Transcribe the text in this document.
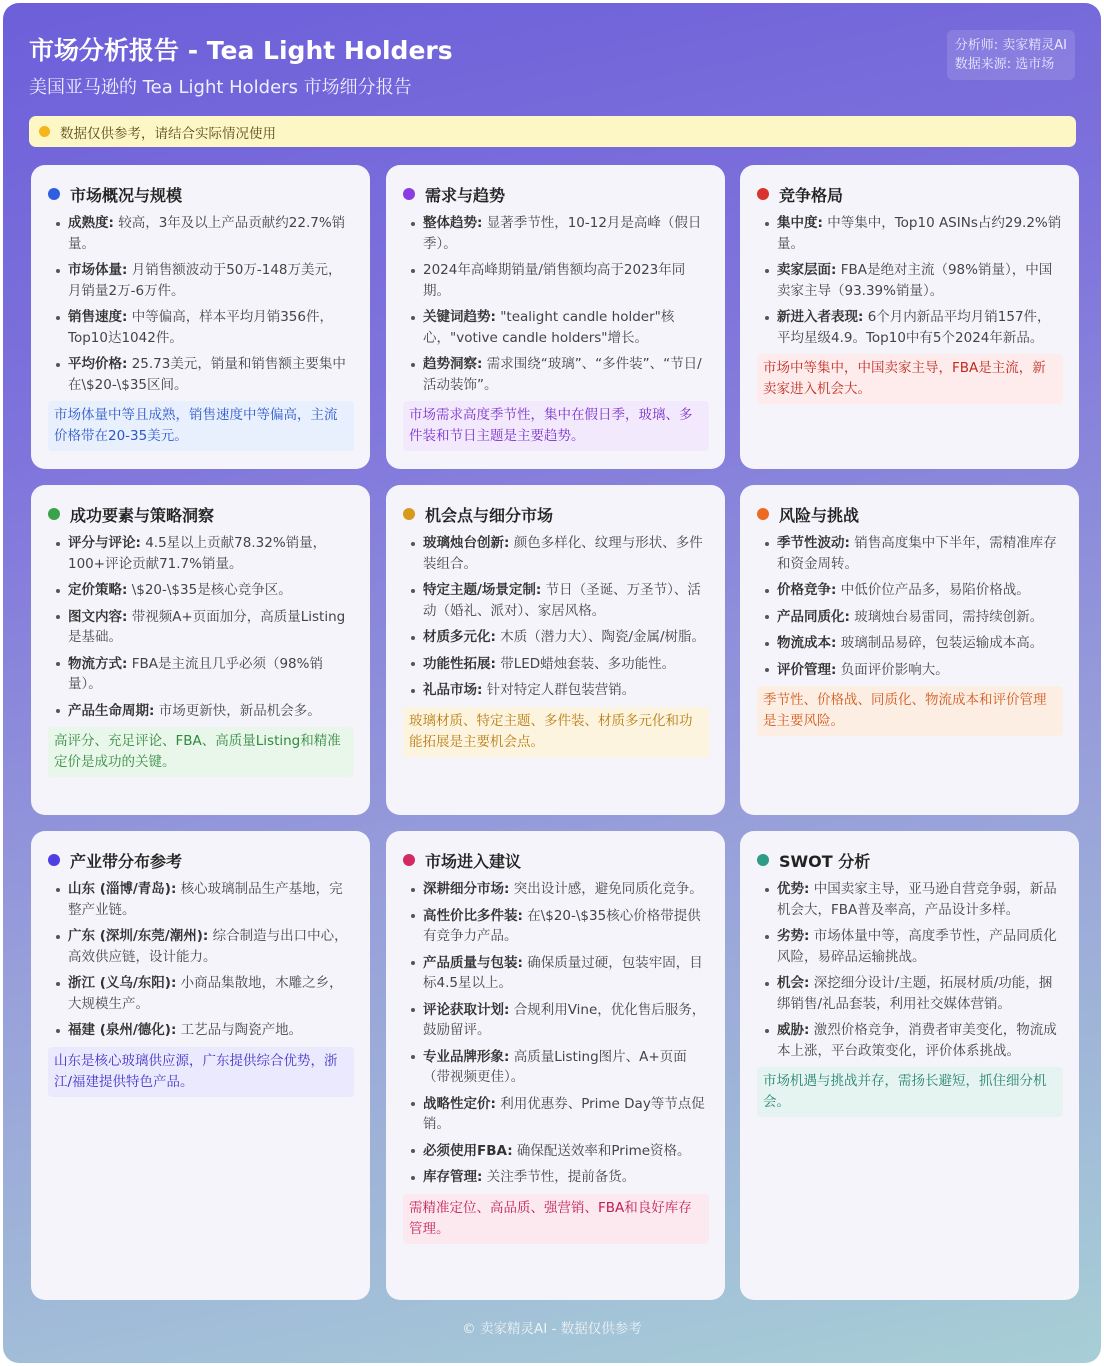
市场分析报告 - Tea Light Holders
美国亚马逊的 Tea Light Holders 市场细分报告
分析师: 卖家精灵AI
数据来源: 选市场
数据仅供参考，请结合实际情况使用
市场概况与规模
成熟度: 较高，3年及以上产品贡献约22.7%销量。
市场体量: 月销售额波动于50万-148万美元，月销量2万-6万件。
销售速度: 中等偏高，样本平均月销356件，Top10达1042件。
平均价格: 25.73美元，销量和销售额主要集中在\$20-\$35区间。
市场体量中等且成熟，销售速度中等偏高，主流价格带在20-35美元。
需求与趋势
整体趋势: 显著季节性，10-12月是高峰（假日季）。
2024年高峰期销量/销售额均高于2023年同期。
关键词趋势: "tealight candle holder"核心，"votive candle holders"增长。
趋势洞察: 需求围绕“玻璃”、“多件装”、“节日/活动装饰”。
市场需求高度季节性，集中在假日季，玻璃、多件装和节日主题是主要趋势。
竞争格局
集中度: 中等集中，Top10 ASINs占约29.2%销量。
卖家层面: FBA是绝对主流（98%销量），中国卖家主导（93.39%销量）。
新进入者表现: 6个月内新品平均月销157件，平均星级4.9。Top10中有5个2024年新品。
市场中等集中，中国卖家主导，FBA是主流，新卖家进入机会大。
成功要素与策略洞察
评分与评论: 4.5星以上贡献78.32%销量，100+评论贡献71.7%销量。
定价策略: \$20-\$35是核心竞争区。
图文内容: 带视频A+页面加分，高质量Listing是基础。
物流方式: FBA是主流且几乎必须（98%销量）。
产品生命周期: 市场更新快，新品机会多。
高评分、充足评论、FBA、高质量Listing和精准定价是成功的关键。
机会点与细分市场
玻璃烛台创新: 颜色多样化、纹理与形状、多件装组合。
特定主题/场景定制: 节日（圣诞、万圣节）、活动（婚礼、派对）、家居风格。
材质多元化: 木质（潜力大）、陶瓷/金属/树脂。
功能性拓展: 带LED蜡烛套装、多功能性。
礼品市场: 针对特定人群包装营销。
玻璃材质、特定主题、多件装、材质多元化和功能拓展是主要机会点。
风险与挑战
季节性波动: 销售高度集中下半年，需精准库存和资金周转。
价格竞争: 中低价位产品多，易陷价格战。
产品同质化: 玻璃烛台易雷同，需持续创新。
物流成本: 玻璃制品易碎，包装运输成本高。
评价管理: 负面评价影响大。
季节性、价格战、同质化、物流成本和评价管理是主要风险。
产业带分布参考
山东 (淄博/青岛): 核心玻璃制品生产基地，完整产业链。
广东 (深圳/东莞/潮州): 综合制造与出口中心，高效供应链，设计能力。
浙江 (义乌/东阳): 小商品集散地，木雕之乡，大规模生产。
福建 (泉州/德化): 工艺品与陶瓷产地。
山东是核心玻璃供应源，广东提供综合优势，浙江/福建提供特色产品。
市场进入建议
深耕细分市场: 突出设计感，避免同质化竞争。
高性价比多件装: 在\$20-\$35核心价格带提供有竞争力产品。
产品质量与包装: 确保质量过硬，包装牢固，目标4.5星以上。
评论获取计划: 合规利用Vine，优化售后服务，鼓励留评。
专业品牌形象: 高质量Listing图片、A+页面（带视频更佳）。
战略性定价: 利用优惠券、Prime Day等节点促销。
必须使用FBA: 确保配送效率和Prime资格。
库存管理: 关注季节性，提前备货。
需精准定位、高品质、强营销、FBA和良好库存管理。
SWOT 分析
优势: 中国卖家主导，亚马逊自营竞争弱，新品机会大，FBA普及率高，产品设计多样。
劣势: 市场体量中等，高度季节性，产品同质化风险，易碎品运输挑战。
机会: 深挖细分设计/主题，拓展材质/功能，捆绑销售/礼品套装，利用社交媒体营销。
威胁: 激烈价格竞争，消费者审美变化，物流成本上涨，平台政策变化，评价体系挑战。
市场机遇与挑战并存，需扬长避短，抓住细分机会。
© 卖家精灵AI - 数据仅供参考
